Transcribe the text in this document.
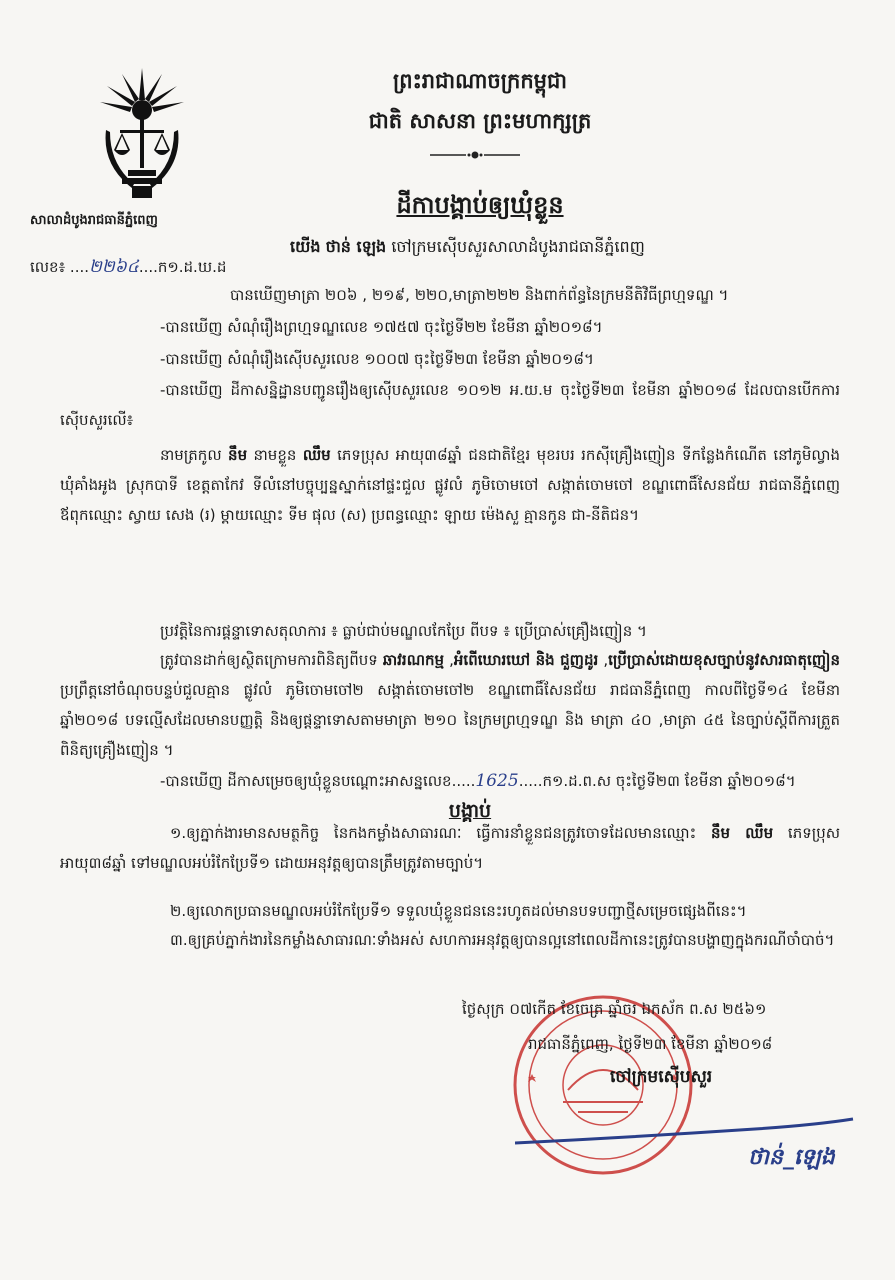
សាលាដំបូងរាជធានីភ្នំពេញ
ព្រះរាជាណាចក្រកម្ពុជា
ជាតិ សាសនា ព្រះមហាក្សត្រ
ដីកាបង្គាប់ឲ្យឃុំខ្លួន
លេខ៖ ....២២៦៤....ក១.ដ.ឃ.ដ
យើង ថាន់ ឡេង ចៅក្រមស៊ើបសួរសាលាដំបូងរាជធានីភ្នំពេញ
បានឃើញមាត្រា ២០៦ , ២១៩, ២២០,មាត្រា២២២ និងពាក់ព័ន្ធនៃក្រមនីតិវិធីព្រហ្មទណ្ឌ ។
-បានឃើញ សំណុំរឿងព្រហ្មទណ្ឌលេខ ១៧៥៧ ចុះថ្ងៃទី២២ ខែមីនា ឆ្នាំ២០១៨។
-បានឃើញ សំណុំរឿងស៊ើបសួរលេខ ១០០៧ ចុះថ្ងៃទី២៣ ខែមីនា ឆ្នាំ២០១៨។
-បានឃើញ ដីកាសន្និដ្ឋានបញ្ជូនរឿងឲ្យស៊ើបសួរលេខ ១០១២ អ.យ.ម ចុះថ្ងៃទី២៣ ខែមីនា ឆ្នាំ២០១៨ ដែលបានបើកការស៊ើបសួរលើ៖
នាមត្រកូល នឹម នាមខ្លួន ឈឹម ភេទប្រុស អាយុ៣៨ឆ្នាំ ជនជាតិខ្មែរ មុខរបរ រកស៊ីគ្រឿងញៀន ទីកន្លែងកំណើត នៅភូមិល្វាង ឃុំគាំងអូង ស្រុកបាទី ខេត្តតាកែវ ទីលំនៅបច្ចុប្បន្នស្នាក់នៅផ្ទះជួល ផ្លូវលំ ភូមិចោមចៅ សង្កាត់ចោមចៅ ខណ្ឌពោធិ៍សែនជ័យ រាជធានីភ្នំពេញ ឪពុកឈ្មោះ ស្វាយ សេង (រ) ម្ដាយឈ្មោះ ទីម ផុល (ស) ប្រពន្ធឈ្មោះ ឡាយ ម៉េងសួ គ្មានកូន ជា-នីតិជន។
ប្រវត្តិនៃការផ្ដន្ទាទោសតុលាការ ៖ ធ្លាប់ជាប់មណ្ឌលកែប្រែ ពីបទ ៖ ប្រើប្រាស់គ្រឿងញៀន ។
ត្រូវបានដាក់ឲ្យស្ថិតក្រោមការពិនិត្យពីបទ ឆាវរណកម្ម ,អំពើឃោរឃៅ និង ជួញដូរ ,ប្រើប្រាស់ដោយខុសច្បាប់នូវសារធាតុញៀន ប្រព្រឹត្តនៅចំណុចបន្ទប់ជួលគ្មាន ផ្លូវលំ ភូមិចោមចៅ២ សង្កាត់ចោមចៅ២ ខណ្ឌពោធិ៍សែនជ័យ រាជធានីភ្នំពេញ កាលពីថ្ងៃទី១៤ ខែមីនា ឆ្នាំ២០១៨ បទល្មើសដែលមានបញ្ញត្តិ និងឲ្យផ្ដន្ទាទោសតាមមាត្រា ២១០ នៃក្រមព្រហ្មទណ្ឌ និង មាត្រា ៤០ ,មាត្រា ៤៥ នៃច្បាប់ស្ដីពីការត្រួតពិនិត្យគ្រឿងញៀន ។
-បានឃើញ ដីកាសម្រេចឲ្យឃុំខ្លួនបណ្ដោះអាសន្នលេខ.....1625.....ក១.ដ.ព.ស ចុះថ្ងៃទី២៣ ខែមីនា ឆ្នាំ២០១៨។
បង្គាប់
១.ឲ្យភ្នាក់ងារមានសមត្ថកិច្ច នៃកងកម្លាំងសាធារណៈ ធ្វើការនាំខ្លួនជនត្រូវចោទដែលមានឈ្មោះ នឹម ឈឹម ភេទប្រុស អាយុ៣៨ឆ្នាំ ទៅមណ្ឌលអប់រំកែប្រែទី១ ដោយអនុវត្តឲ្យបានត្រឹមត្រូវតាមច្បាប់។
២.ឲ្យលោកប្រធានមណ្ឌលអប់រំកែប្រែទី១ ទទួលឃុំខ្លួនជននេះរហូតដល់មានបទបញ្ជាថ្មីសម្រេចផ្សេងពីនេះ។
៣.ឲ្យគ្រប់ភ្នាក់ងារនៃកម្លាំងសាធារណៈទាំងអស់ សហការអនុវត្តឲ្យបានល្អនៅពេលដីកានេះត្រូវបានបង្ហាញក្នុងករណីចាំបាច់។
ថ្ងៃសុក្រ ០៧កើត ខែចេត្រ ឆ្នាំចរ ឯកស័ក ព.ស ២៥៦១
រាជធានីភ្នំពេញ, ថ្ងៃទី២៣ ខែមីនា ឆ្នាំ២០១៨
ចៅក្រមស៊ើបសួរ
ថាន់_ឡេង
